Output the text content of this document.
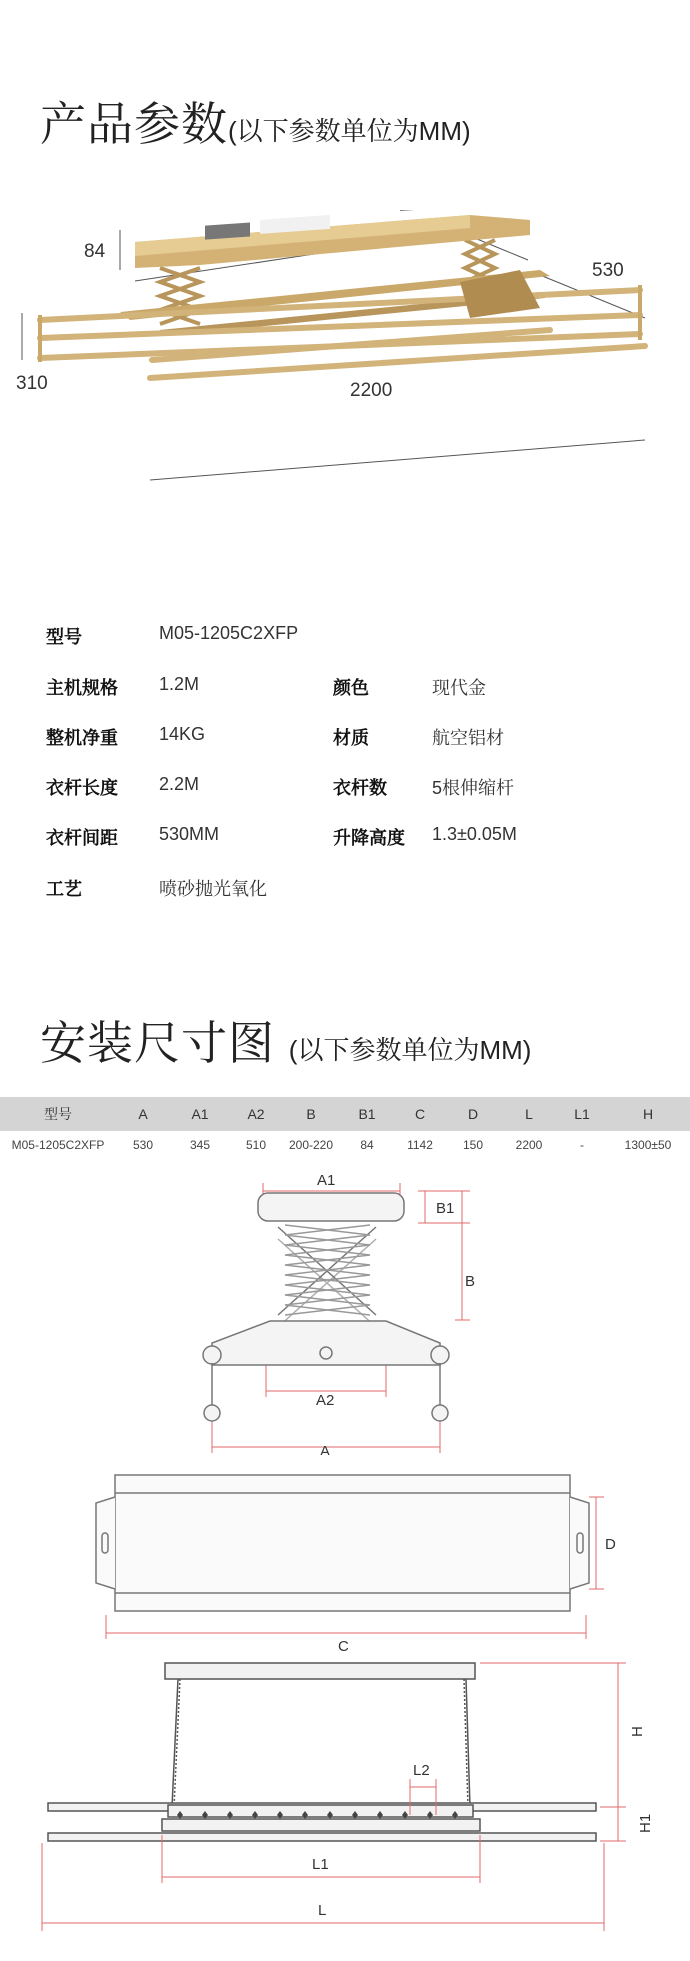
产品参数(以下参数单位为MM)
84
530
310	2200
型号	M05-1205C2XFP
主机规格 1.2M	颜色	现代金
整机净重 14KG	材质	航空铝材
衣杆长度 2.2M	衣杆数	5根伸缩杆
衣杆间距 530MM	升降高度 1.3±0.05M
工艺	喷砂抛光氧化
安装尺寸图 (以下参数单位为MM)
型号	A	A1	A2	B	B1	C	D	L	L1	H
M05-1205C2XFP	530	345	510	200-220	84	1142	150	2200	-	1300±50
A1
B1
B
A2
A
D
C
H
H1
L2
L1
L
